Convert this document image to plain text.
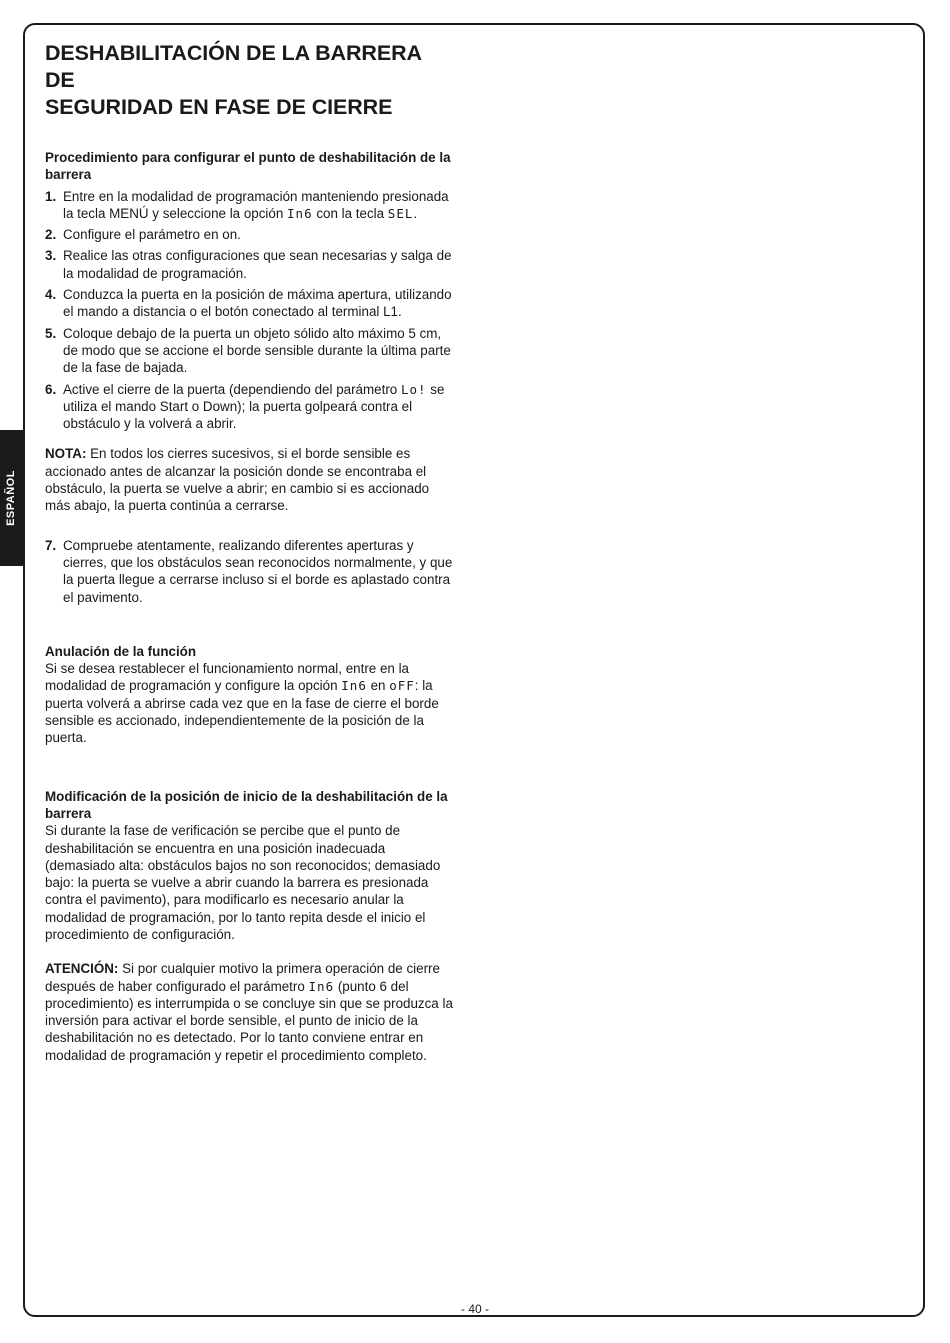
ESPAÑOL
DESHABILITACIÓN DE LA BARRERA DE
SEGURIDAD EN FASE DE CIERRE
Procedimiento para configurar el punto de deshabilitación de la barrera
1. Entre en la modalidad de programación manteniendo presionada la tecla MENÚ y seleccione la opción In6 con la tecla SEL.
2. Configure el parámetro en on.
3. Realice las otras configuraciones que sean necesarias y salga de la modalidad de programación.
4. Conduzca la puerta en la posición de máxima apertura, utilizando el mando a distancia o el botón conectado al terminal L1.
5. Coloque debajo de la puerta un objeto sólido alto máximo 5 cm, de modo que se accione el borde sensible durante la última parte de la fase de bajada.
6. Active el cierre de la puerta (dependiendo del parámetro Lo! se utiliza el mando Start o Down); la puerta golpeará contra el obstáculo y la volverá a abrir.

NOTA: En todos los cierres sucesivos, si el borde sensible es accionado antes de alcanzar la posición donde se encontraba el obstáculo, la puerta se vuelve a abrir; en cambio si es accionado más abajo, la puerta continúa a cerrarse.

7. Compruebe atentamente, realizando diferentes aperturas y cierres, que los obstáculos sean reconocidos normalmente, y que la puerta llegue a cerrarse incluso si el borde es aplastado contra el pavimento.
Anulación de la función

Si se desea restablecer el funcionamiento normal, entre en la modalidad de programación y configure la opción In6 en oFF: la puerta volverá a abrirse cada vez que en la fase de cierre el borde sensible es accionado, independientemente de la posición de la puerta.

Modificación de la posición de inicio de la deshabilitación de la barrera

Si durante la fase de verificación se percibe que el punto de deshabilitación se encuentra en una posición inadecuada (demasiado alta: obstáculos bajos no son reconocidos; demasiado bajo: la puerta se vuelve a abrir cuando la barrera es presionada contra el pavimento), para modificarlo es necesario anular la modalidad de programación, por lo tanto repita desde el inicio el procedimiento de configuración.

ATENCIÓN: Si por cualquier motivo la primera operación de cierre después de haber configurado el parámetro In6 (punto 6 del procedimiento) es interrumpida o se concluye sin que se produzca la inversión para activar el borde sensible, el punto de inicio de la deshabilitación no es detectado. Por lo tanto conviene entrar en modalidad de programación y repetir el procedimiento completo.

- 40 -
